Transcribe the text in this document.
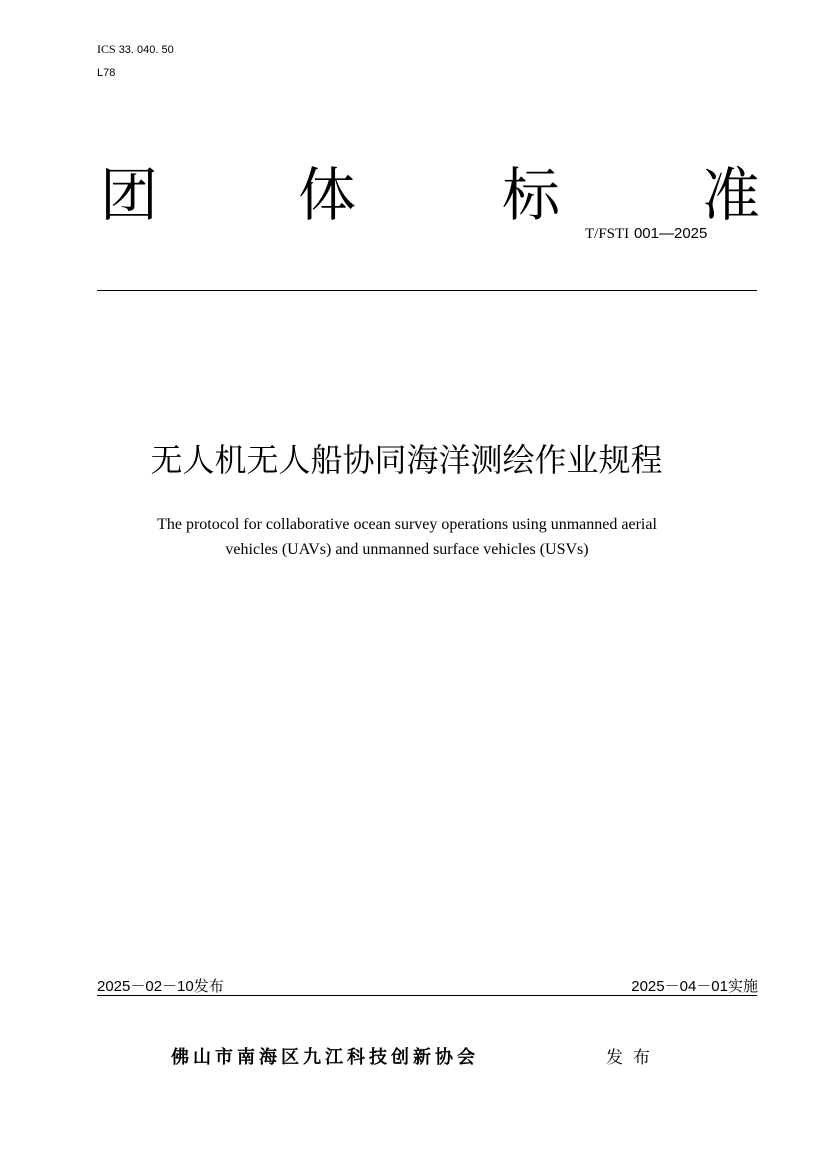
ICS 33. 040. 50
L78
团 体	标 准
T/FSTI 001—2025
无人机无人船协同海洋测绘作业规程
The protocol for collaborative ocean survey operations using unmanned aerial
vehicles (UAVs) and unmanned surface vehicles (USVs)
2025－02－10发布	2025－04－01实施
佛山市南海区九江科技创新协会	发布
